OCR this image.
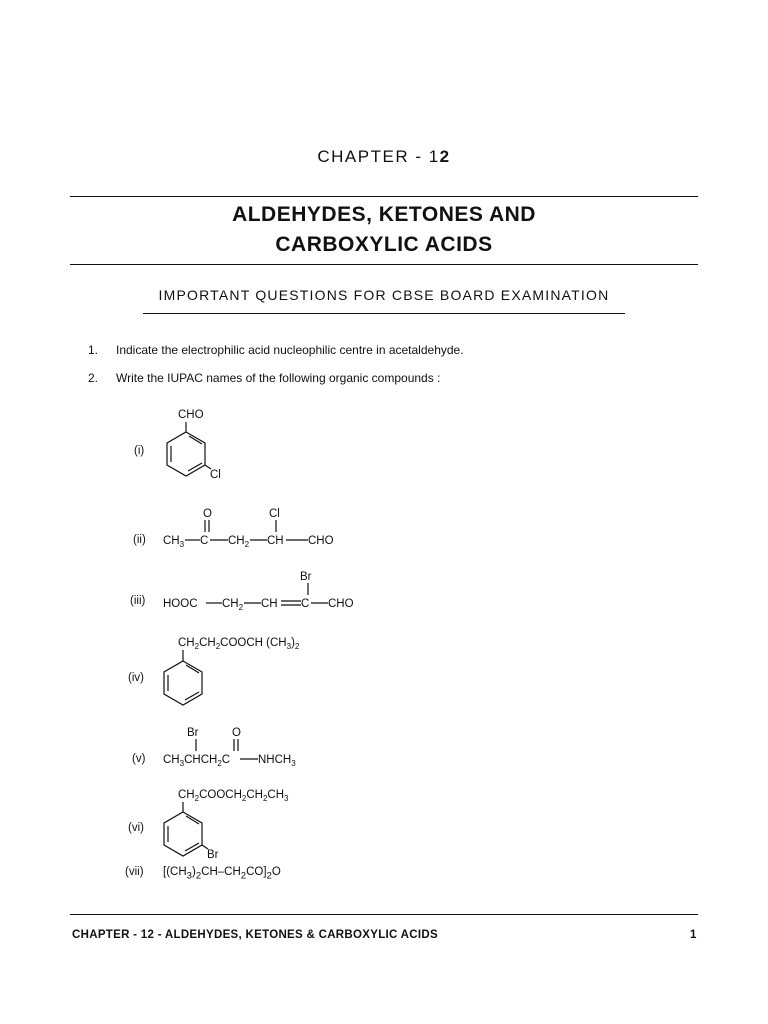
CHAPTER - 12
ALDEHYDES, KETONES AND
CARBOXYLIC ACIDS
IMPORTANT QUESTIONS FOR CBSE BOARD EXAMINATION
1. Indicate the electrophilic acid nucleophilic centre in acetaldehyde.
2. Write the IUPAC names of the following organic compounds :
(i)
CHO
Cl
(ii)
O	Cl
$CH_3$ C $CH_2$ CH CHO
(iii)
Br
HOOC $CH_2$ CH C CHO
(iv)
$CH_2CH_2COOCH$ $(CH_3)_2$
(v)
Br	O
$CH_3CHCH_2C$ $NHCH_3$
(vi)
$CH_2COOCH_2CH_2CH_3$
Br
(vii) $[(CH_3)_2CH-CH_2CO]_2O$
CHAPTER - 12 - ALDEHYDES, KETONES & CARBOXYLIC ACIDS	1
